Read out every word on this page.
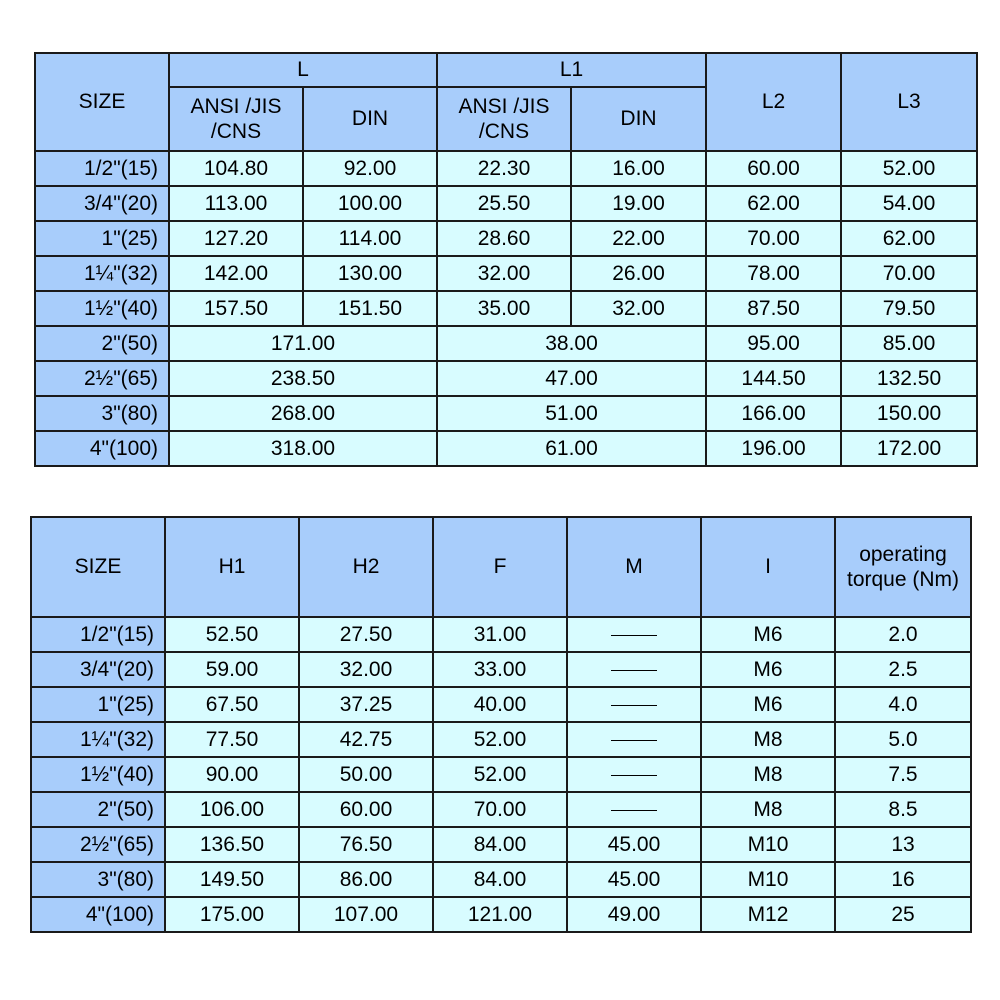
SIZE	L		L1		L2	L3
	ANSI /JIS /CNS	DIN	ANSI /JIS /CNS	DIN		
1/2"(15)	104.80	92.00	22.30	16.00	60.00	52.00
3/4"(20)	113.00	100.00	25.50	19.00	62.00	54.00
1"(25)	127.20	114.00	28.60	22.00	70.00	62.00
1¼"(32)	142.00	130.00	32.00	26.00	78.00	70.00
1½"(40)	157.50	151.50	35.00	32.00	87.50	79.50
2"(50)	171.00		38.00		95.00	85.00
2½"(65)	238.50		47.00		144.50	132.50
3"(80)	268.00		51.00		166.00	150.00
4"(100)	318.00		61.00		196.00	172.00
SIZE	H1	H2	F	M	I	operating torque (Nm)
1/2"(15)	52.50	27.50	31.00		M6	2.0
3/4"(20)	59.00	32.00	33.00		M6	2.5
1"(25)	67.50	37.25	40.00		M6	4.0
1¼"(32)	77.50	42.75	52.00		M8	5.0
1½"(40)	90.00	50.00	52.00		M8	7.5
2"(50)	106.00	60.00	70.00		M8	8.5
2½"(65)	136.50	76.50	84.00	45.00	M10	13
3"(80)	149.50	86.00	84.00	45.00	M10	16
4"(100)	175.00	107.00	121.00	49.00	M12	25
